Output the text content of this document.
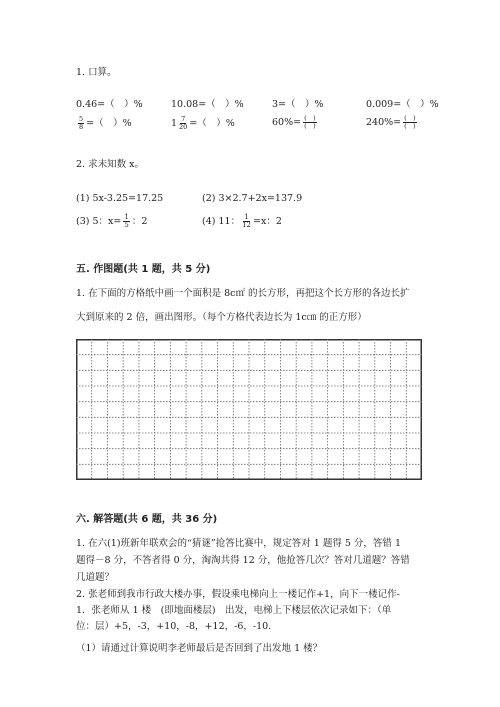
1. 口算。
0.46=（　）%	10.08=（　）%	3=（　）%	0.009=（　）%
$\frac{5}{8}$ =（　）%	$1 \frac{7}{20}$ =（　）%	$60\%= \frac{( )}{( )}$	$240\%= \frac{( )}{( )}$
2. 求未知数 x。
(1) 5x-3.25=17.25	(2) 3×2.7+2x=137.9
(3) 5：$x= \frac{1}{5}$ ：2	(4) 11： $\frac{1}{12} =x$：2
五. 作图题(共 1 题，共 5 分)
1. 在下面的方格纸中画一个面积是 8c㎡ 的长方形，再把这个长方形的各边长扩
大到原来的 2 倍，画出图形。（每个方格代表边长为 1c㎝ 的正方形）
六. 解答题(共 6 题，共 36 分)
1. 在六(1)班新年联欢会的“猜谜”抢答比赛中，规定答对 1 题得 5 分，答错 1
题得－8 分，不答者得 0 分，淘淘共得 12 分，他抢答几次？答对几道题？答错
几道题？
2. 张老师到我市行政大楼办事，假设乘电梯向上一楼记作+1，向下一楼记作-
1．张老师从 1 楼　(即地面楼层)　出发，电梯上下楼层依次记录如下：（单
位：层）+5，-3，+10，-8，+12，-6，-10.
（1）请通过计算说明李老师最后是否回到了出发地 1 楼？
